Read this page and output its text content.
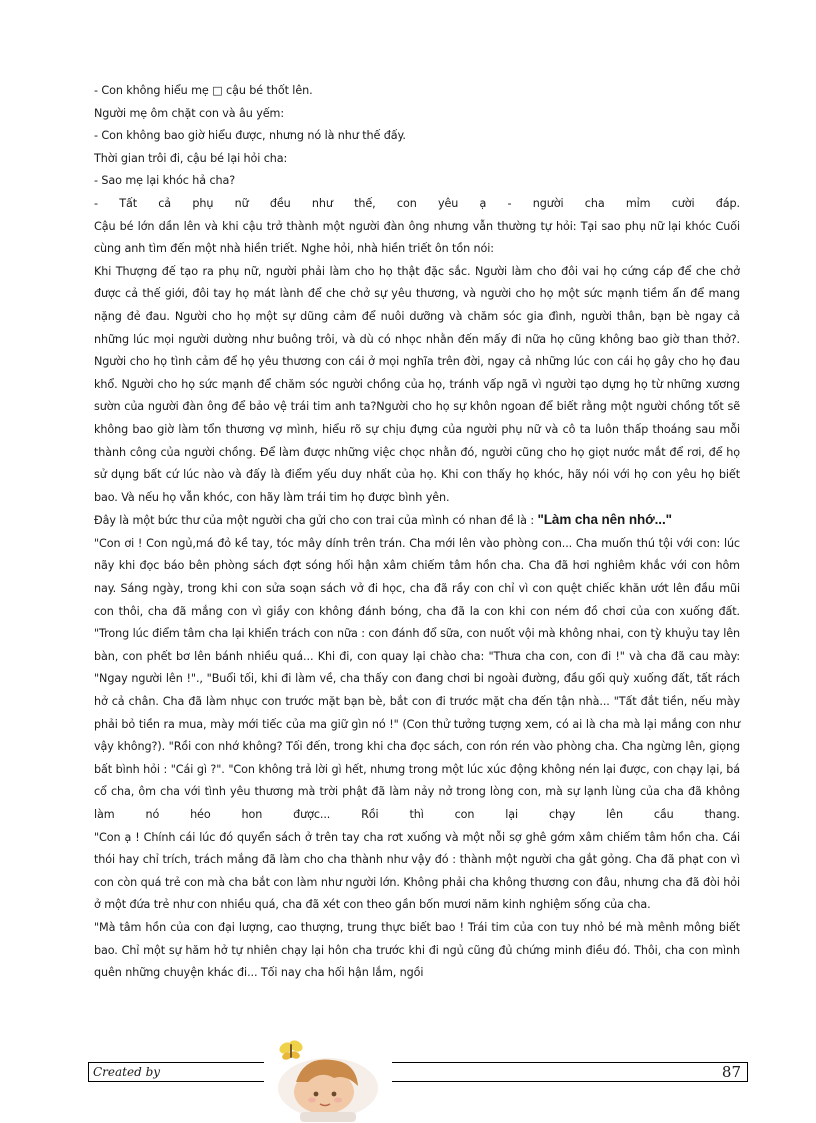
- Con không hiểu mẹ □ cậu bé thốt lên.

Người mẹ ôm chặt con và âu yếm:

- Con không bao giờ hiểu được, nhưng nó là như thế đấy.

Thời gian trôi đi, cậu bé lại hỏi cha:

- Sao mẹ lại khóc hả cha?

- Tất cả phụ nữ đều như thế, con yêu ạ - người cha mỉm cười đáp.

Cậu bé lớn dần lên và khi cậu trở thành một người đàn ông nhưng vẫn thường tự hỏi: Tại sao phụ nữ lại khóc Cuối cùng anh tìm đến một nhà hiền triết. Nghe hỏi, nhà hiền triết ôn tồn nói:

Khi Thượng đế tạo ra phụ nữ, người phải làm cho họ thật đặc sắc. Người làm cho đôi vai họ cứng cáp để che chở được cả thế giới, đôi tay họ mát lành để che chở sự yêu thương, và người cho họ một sức mạnh tiềm ẩn để mang nặng đẻ đau. Người cho họ một sự dũng cảm để nuôi dưỡng và chăm sóc gia đình, người thân, bạn bè ngay cả những lúc mọi người dường như buông trôi, và dù có nhọc nhằn đến mấy đi nữa họ cũng không bao giờ than thở?. Người cho họ tình cảm để họ yêu thương con cái ở mọi nghĩa trên đời, ngay cả những lúc con cái họ gây cho họ đau khổ. Người cho họ sức mạnh để chăm sóc người chồng của họ, tránh vấp ngã vì người tạo dựng họ từ những xương sườn của người đàn ông để bảo vệ trái tim anh ta?Người cho họ sự khôn ngoan để biết rằng một người chồng tốt sẽ không bao giờ làm tổn thương vợ mình, hiểu rõ sự chịu đựng của người phụ nữ và cô ta luôn thấp thoáng sau mỗi thành công của người chồng. Để làm được những việc chọc nhằn đó, người cũng cho họ giọt nước mắt để rơi, để họ sử dụng bất cứ lúc nào và đấy là điểm yếu duy nhất của họ. Khi con thấy họ khóc, hãy nói với họ con yêu họ biết bao. Và nếu họ vẫn khóc, con hãy làm trái tim họ được bình yên.

Đây là một bức thư của một người cha gửi cho con trai của mình có nhan đề là : "Làm cha nên nhớ..."

"Con ơi ! Con ngủ,má đỏ kề tay, tóc mây dính trên trán. Cha mới lên vào phòng con... Cha muốn thú tội với con: lúc nãy khi đọc báo bên phòng sách đợt sóng hối hận xâm chiếm tâm hồn cha. Cha đã hơi nghiêm khắc với con hôm nay. Sáng ngày, trong khi con sửa soạn sách vở đi học, cha đã rầy con chỉ vì con quệt chiếc khăn ướt lên đầu mũi con thôi, cha đã mắng con vì giầy con không đánh bóng, cha đã la con khi con ném đồ chơi của con xuống đất. "Trong lúc điểm tâm cha lại khiển trách con nữa : con đánh đổ sữa, con nuốt vội mà không nhai, con tỳ khuỷu tay lên bàn, con phết bơ lên bánh nhiều quá... Khi đi, con quay lại chào cha: "Thưa cha con, con đi !" và cha đã cau mày: "Ngay người lên !"., "Buổi tối, khi đi làm về, cha thấy con đang chơi bi ngoài đường, đầu gối quỳ xuống đất, tất rách hở cả chân. Cha đã làm nhục con trước mặt bạn bè, bắt con đi trước mặt cha đến tận nhà... "Tất đắt tiền, nếu mày phải bỏ tiền ra mua, mày mới tiếc của ma giữ gìn nó !" (Con thử tưởng tượng xem, có ai là cha mà lại mắng con như vậy không?). "Rồi con nhớ không? Tối đến, trong khi cha đọc sách, con rón rén vào phòng cha. Cha ngừng lên, giọng bất bình hỏi : "Cái gì ?". "Con không trả lời gì hết, nhưng trong một lúc xúc động không nén lại được, con chạy lại, bá cổ cha, ôm cha với tình yêu thương mà trời phật đã làm nảy nở trong lòng con, mà sự lạnh lùng của cha đã không làm nó héo hon được... Rồi thì con lại chạy lên cầu thang.

"Con ạ ! Chính cái lúc đó quyển sách ở trên tay cha rơt xuống và một nỗi sợ ghê gớm xâm chiếm tâm hồn cha. Cái thói hay chỉ trích, trách mắng đã làm cho cha thành như vậy đó : thành một người cha gắt gỏng. Cha đã phạt con vì con còn quá trẻ con mà cha bắt con làm như người lớn. Không phải cha không thương con đâu, nhưng cha đã đòi hỏi ở một đứa trẻ như con nhiều quá, cha đã xét con theo gần bốn mươi năm kinh nghiệm sống của cha.

"Mà tâm hồn của con đại lượng, cao thượng, trung thực biết bao ! Trái tim của con tuy nhỏ bé mà mênh mông biết bao. Chỉ một sự hăm hở tự nhiên chạy lại hôn cha trước khi đi ngủ cũng đủ chứng minh điều đó. Thôi, cha con mình quên những chuyện khác đi... Tối nay cha hối hận lắm, ngồi

Created by	87
